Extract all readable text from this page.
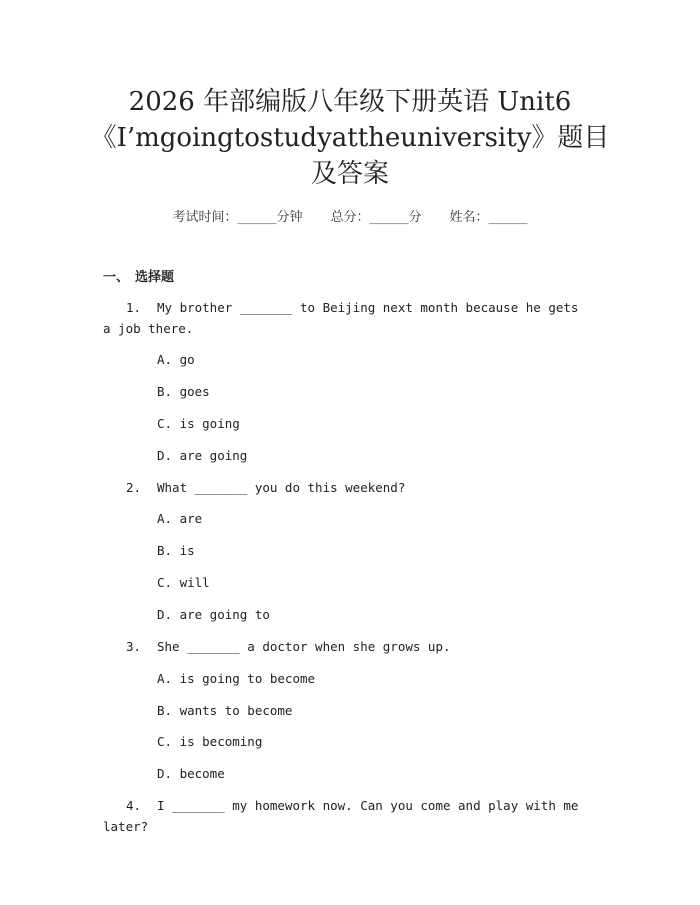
2026 年部编版八年级下册英语 Unit6
《I’mgoingtostudyattheuniversity》题目
及答案
考试时间：______分钟 总分：______分 姓名：______
一、 选择题
1. My brother _______ to Beijing next month because he gets a job there.
A. go
B. goes
C. is going
D. are going
2. What _______ you do this weekend?
A. are
B. is
C. will
D. are going to
3. She _______ a doctor when she grows up.
A. is going to become
B. wants to become
C. is becoming
D. become
4. I _______ my homework now. Can you come and play with me later?
